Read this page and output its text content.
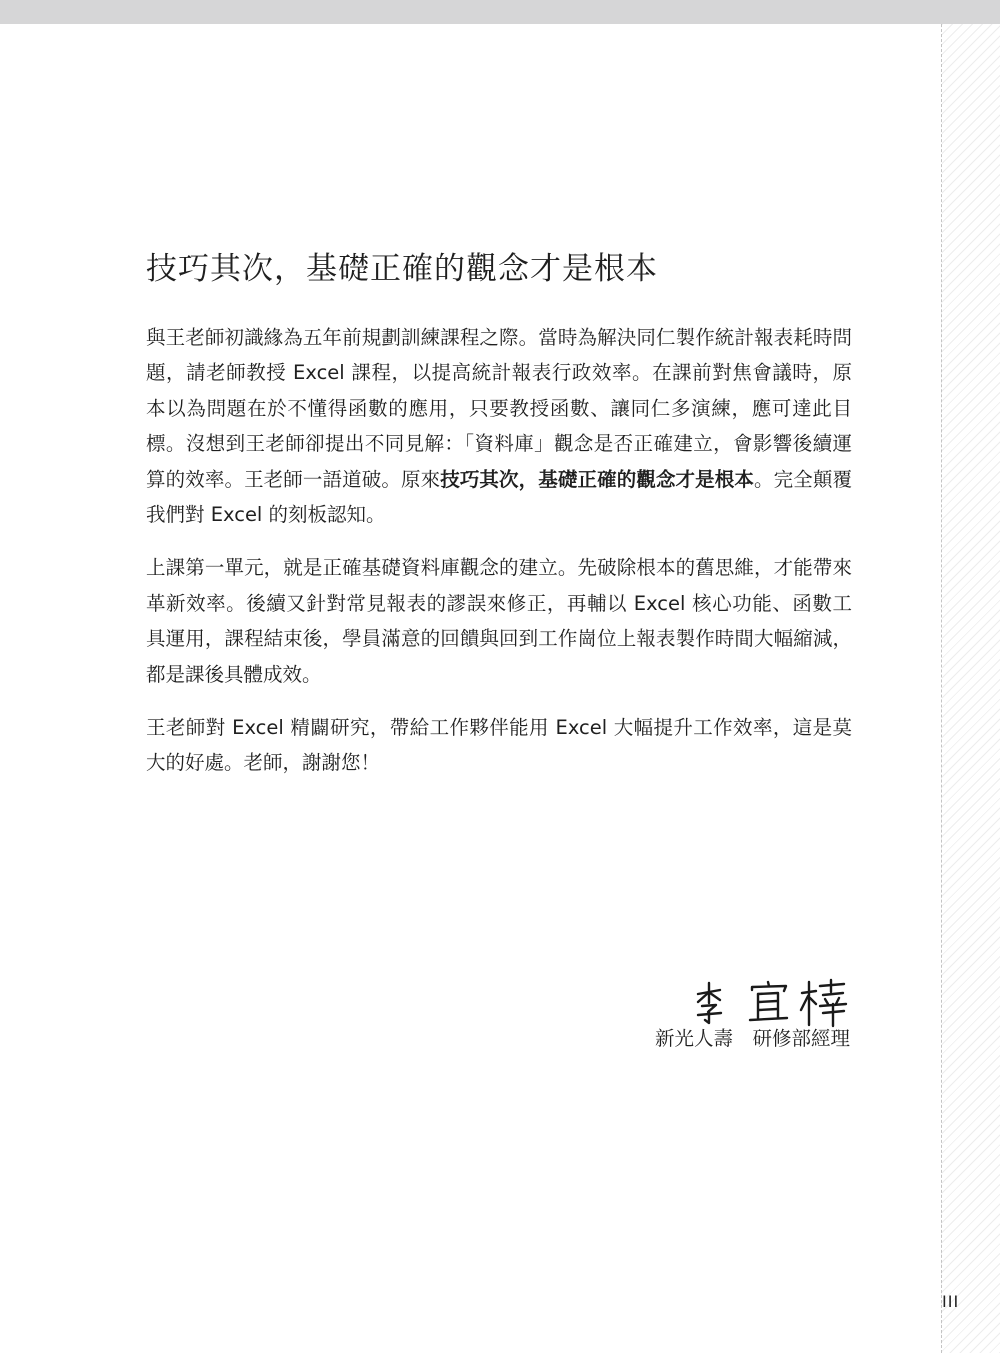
技巧其次，基礎正確的觀念才是根本

與王老師初識緣為五年前規劃訓練課程之際。當時為解決同仁製作統計報表耗時問題，請老師教授 Excel 課程，以提高統計報表行政效率。在課前對焦會議時，原本以為問題在於不懂得函數的應用，只要教授函數、讓同仁多演練，應可達此目標。沒想到王老師卻提出不同見解：「資料庫」觀念是否正確建立，會影響後續運算的效率。王老師一語道破。原來技巧其次，基礎正確的觀念才是根本。完全顛覆我們對 Excel 的刻板認知。

上課第一單元，就是正確基礎資料庫觀念的建立。先破除根本的舊思維，才能帶來革新效率。後續又針對常見報表的謬誤來修正，再輔以 Excel 核心功能、函數工具運用，課程結束後，學員滿意的回饋與回到工作崗位上報表製作時間大幅縮減，都是課後具體成效。

王老師對 Excel 精闢研究，帶給工作夥伴能用 Excel 大幅提升工作效率，這是莫大的好處。老師，謝謝您！

新光人壽　研修部經理
III
